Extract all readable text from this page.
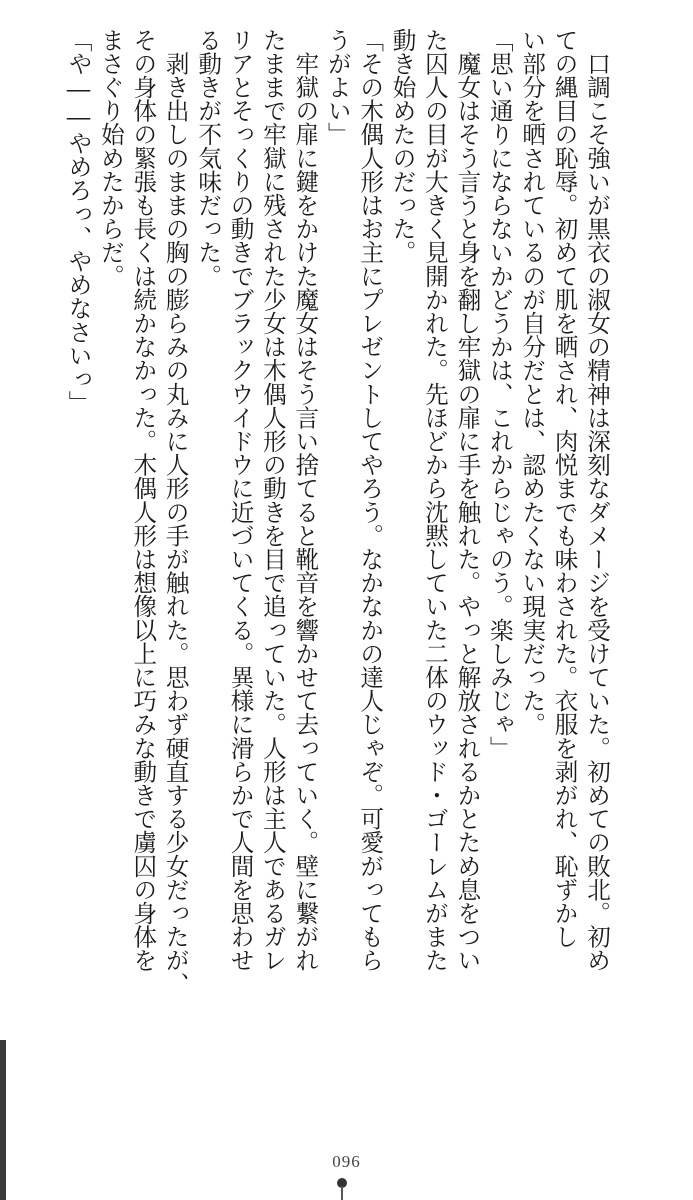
　口調こそ強いが黒衣の淑女の精神は深刻なダメージを受けていた。初めての敗北。初め
ての縄目の恥辱。初めて肌を晒され、肉悦までも味わされた。衣服を剥がれ、恥ずかし
い部分を晒されているのが自分だとは、認めたくない現実だった。
「思い通りにならないかどうかは、これからじゃのう。楽しみじゃ」
　魔女はそう言うと身を翻し牢獄の扉に手を触れた。やっと解放されるかとため息をつい
た囚人の目が大きく見開かれた。先ほどから沈黙していた二体のウッド・ゴーレムがまた
動き始めたのだった。
「その木偶人形はお主にプレゼントしてやろう。なかなかの達人じゃぞ。可愛がってもら
うがよい」
　牢獄の扉に鍵をかけた魔女はそう言い捨てると靴音を響かせて去っていく。壁に繋がれ
たままで牢獄に残された少女は木偶人形の動きを目で追っていた。人形は主人であるガレ
リアとそっくりの動きでブラックウイドウに近づいてくる。異様に滑らかで人間を思わせ
る動きが不気味だった。
　剥き出しのままの胸の膨らみの丸みに人形の手が触れた。思わず硬直する少女だったが、
その身体の緊張も長くは続かなかった。木偶人形は想像以上に巧みな動きで虜囚の身体を
まさぐり始めたからだ。
「や――やめろっ、やめなさいっ」
096
